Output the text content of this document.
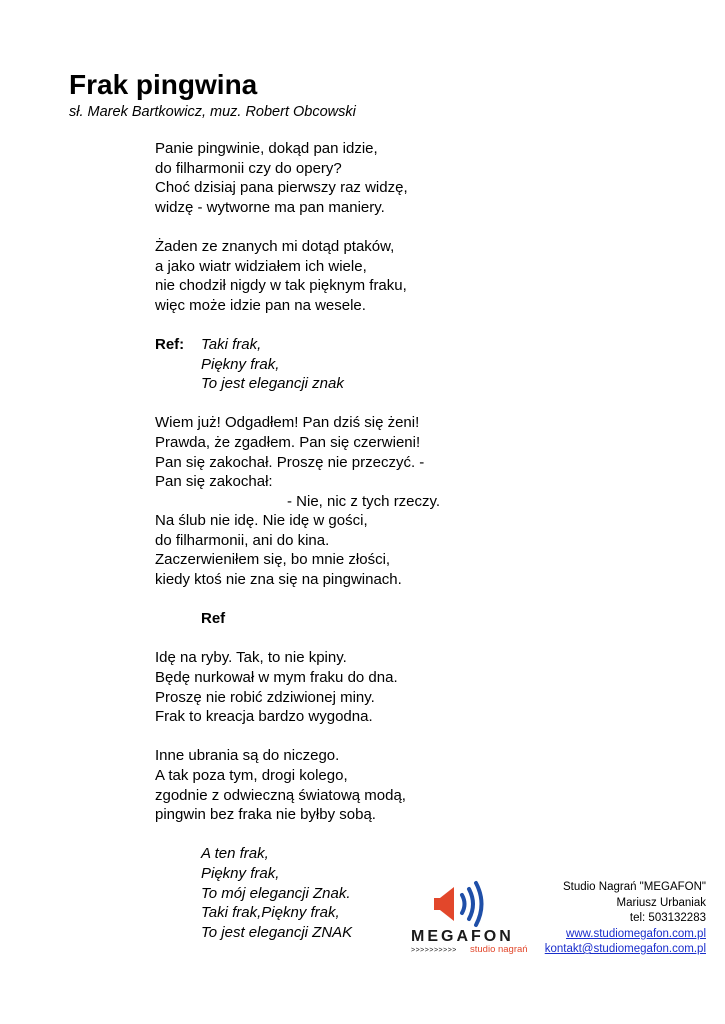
Frak pingwina
sł. Marek Bartkowicz, muz. Robert Obcowski
Panie pingwinie, dokąd pan idzie,
do filharmonii czy do opery?
Choć dzisiaj pana pierwszy raz widzę,
widzę - wytworne ma pan maniery.
Żaden ze znanych mi dotąd ptaków,
a jako wiatr widziałem ich wiele,
nie chodził nigdy w tak pięknym fraku,
więc może idzie pan na wesele.
Ref: Taki frak,
Piękny frak,
To jest elegancji znak
Wiem już! Odgadłem! Pan dziś się żeni!
Prawda, że zgadłem. Pan się czerwieni!
Pan się zakochał. Proszę nie przeczyć. -
Pan się zakochał:
- Nie, nic z tych rzeczy.
Na ślub nie idę. Nie idę w gości,
do filharmonii, ani do kina.
Zaczerwieniłem się, bo mnie złości,
kiedy ktoś nie zna się na pingwinach.
Ref
Idę na ryby. Tak, to nie kpiny.
Będę nurkował w mym fraku do dna.
Proszę nie robić zdziwionej miny.
Frak to kreacja bardzo wygodna.
Inne ubrania są do niczego.
A tak poza tym, drogi kolego,
zgodnie z odwieczną światową modą,
pingwin bez fraka nie byłby sobą.
A ten frak,
Piękny frak,
To mój elegancji Znak.
Taki frak,Piękny frak,
To jest elegancji ZNAK	MEGAFON
>>>>>>>>>> studio nagrań
Studio Nagrań "MEGAFON"
Mariusz Urbaniak
tel: 503132283
www.studiomegafon.com.pl
kontakt@studiomegafon.com.pl
